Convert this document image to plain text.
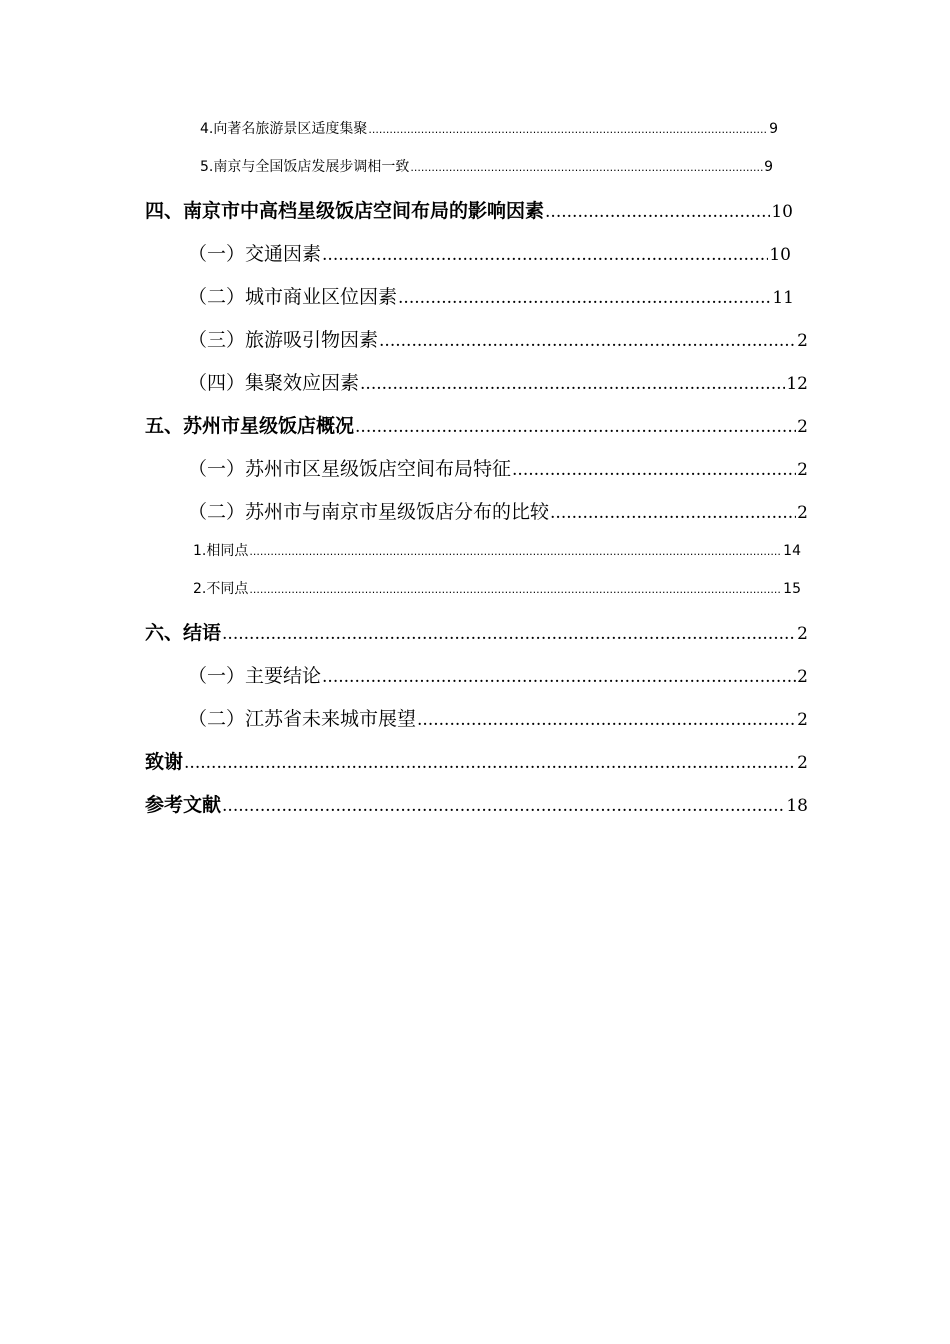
4.向著名旅游景区适度集聚 .....	9
5.南京与全国饭店发展步调相一致 .....	9
四、南京市中高档星级饭店空间布局的影响因素 .....	10
（一）交通因素 .....	10
（二）城市商业区位因素 .....	11
（三）旅游吸引物因素 .....	2
（四）集聚效应因素 .....	12
五、苏州市星级饭店概况 .....	2
（一）苏州市区星级饭店空间布局特征 .....	2
（二）苏州市与南京市星级饭店分布的比较 .....	2
1.相同点 .....	14
2.不同点 .....	15
六、结语 .....	2
（一）主要结论 .....	2
（二）江苏省未来城市展望 .....	2
致谢 .....	2
参考文献 .....	18
